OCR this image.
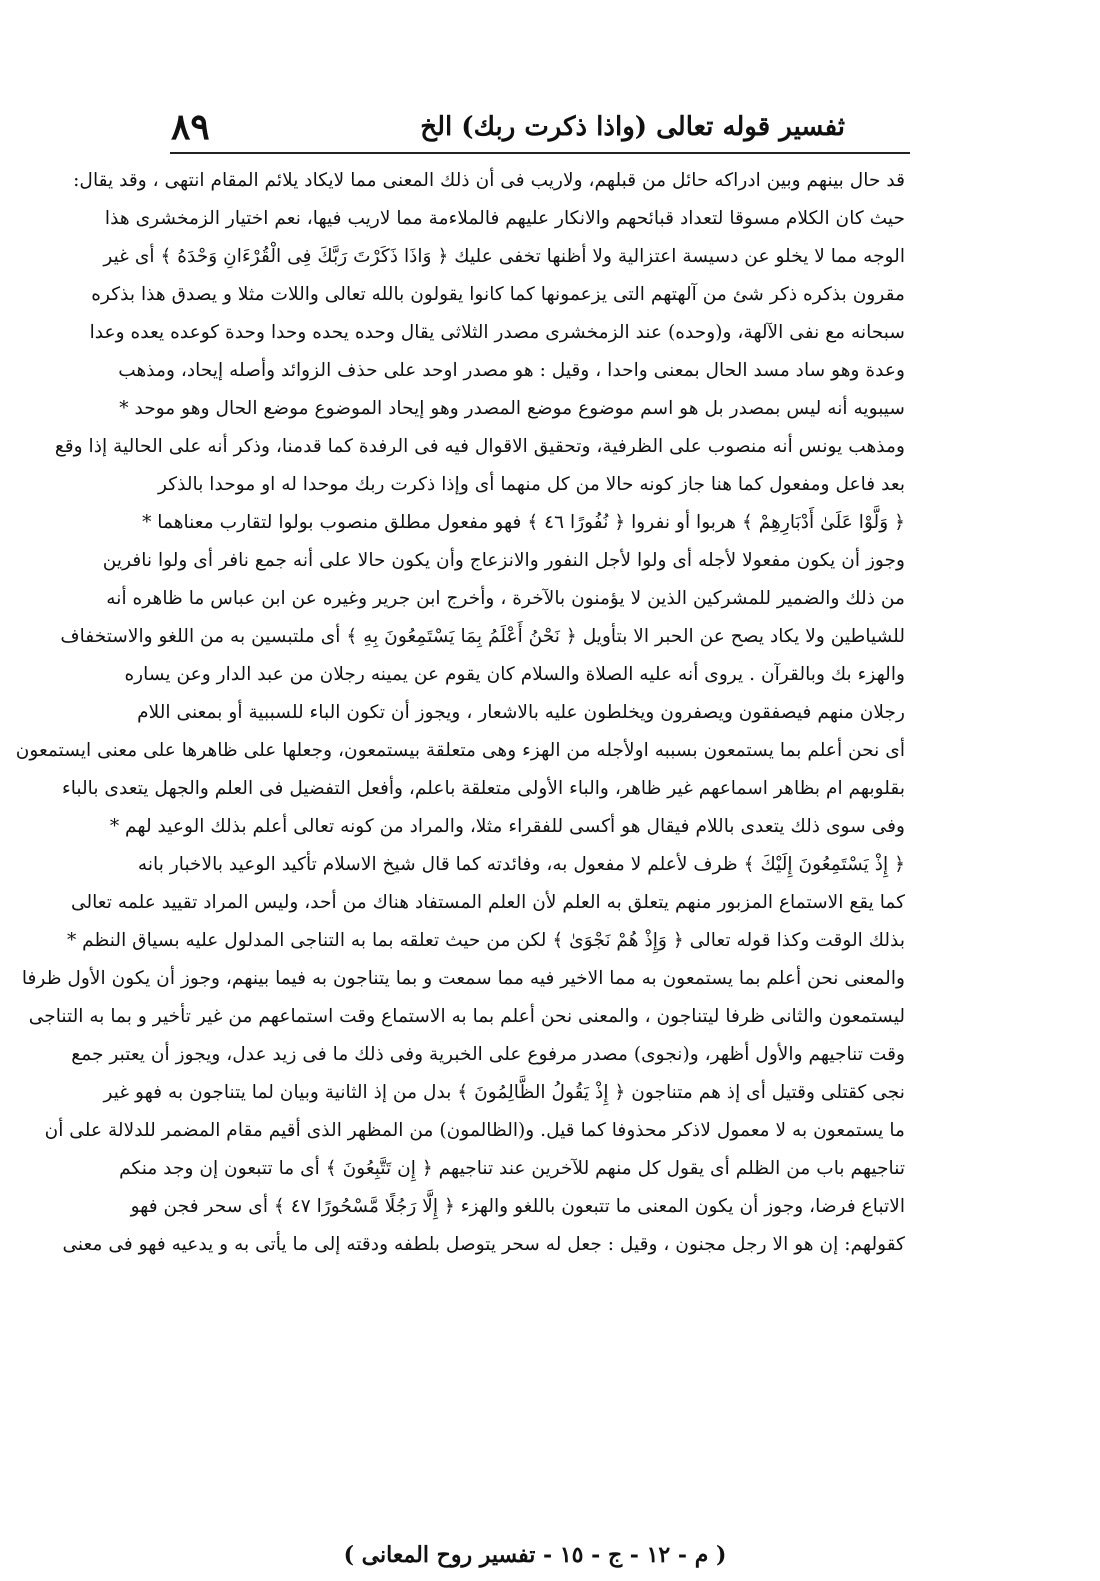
ثفسير قوله تعالى (واذا ذكرت ربك) الخ
٨٩
قد حال بينهم وبين ادراكه حائل من قبلهم، ولاريب فى أن ذلك المعنى مما لايكاد يلائم المقام انتهى ، وقد يقال:
حيث كان الكلام مسوقا لتعداد قبائحهم والانكار عليهم فالملاءمة مما لاريب فيها، نعم اختيار الزمخشرى هذا
الوجه مما لا يخلو عن دسيسة اعتزالية ولا أظنها تخفى عليك ﴿ وَاذَا ذَكَرْتَ رَبَّكَ فِى الْقُرْءَانِ وَحْدَهُ ﴾ أى غير
مقرون بذكره ذكر شئ من آلهتهم التى يزعمونها كما كانوا يقولون بالله تعالى واللات مثلا و يصدق هذا بذكره
سبحانه مع نفى الآلهة، و(وحده) عند الزمخشرى مصدر الثلاثى يقال وحده يحده وحدا وحدة كوعده يعده وعدا
وعدة وهو ساد مسد الحال بمعنى واحدا ، وقيل : هو مصدر اوحد على حذف الزوائد وأصله إيحاد، ومذهب
سيبويه أنه ليس بمصدر بل هو اسم موضوع موضع المصدر وهو إيحاد الموضوع موضع الحال وهو موحد *
ومذهب يونس أنه منصوب على الظرفية، وتحقيق الاقوال فيه فى الرفدة كما قدمنا، وذكر أنه على الحالية إذا وقع
بعد فاعل ومفعول كما هنا جاز كونه حالا من كل منهما أى وإذا ذكرت ربك موحدا له او موحدا بالذكر
﴿ وَلَّوْا عَلَىٰ أَدْبَارِهِمْ ﴾ هربوا أو نفروا ﴿ نُفُورًا ٤٦ ﴾ فهو مفعول مطلق منصوب بولوا لتقارب معناهما *
وجوز أن يكون مفعولا لأجله أى ولوا لأجل النفور والانزعاج وأن يكون حالا على أنه جمع نافر أى ولوا نافرين
من ذلك والضمير للمشركين الذين لا يؤمنون بالآخرة ، وأخرج ابن جرير وغيره عن ابن عباس ما ظاهره أنه
للشياطين ولا يكاد يصح عن الحبر الا بتأويل ﴿ نَحْنُ أَعْلَمُ بِمَا يَسْتَمِعُونَ بِهِ ﴾ أى ملتبسين به من اللغو والاستخفاف
والهزء بك وبالقرآن . يروى أنه عليه الصلاة والسلام كان يقوم عن يمينه رجلان من عبد الدار وعن يساره
رجلان منهم فيصفقون ويصفرون ويخلطون عليه بالاشعار ، ويجوز أن تكون الباء للسببية أو بمعنى اللام
أى نحن أعلم بما يستمعون بسببه اولأجله من الهزء وهى متعلقة بيستمعون، وجعلها على ظاهرها على معنى ايستمعون
بقلوبهم ام بظاهر اسماعهم غير ظاهر، والباء الأولى متعلقة باعلم، وأفعل التفضيل فى العلم والجهل يتعدى بالباء
وفى سوى ذلك يتعدى باللام فيقال هو أكسى للفقراء مثلا، والمراد من كونه تعالى أعلم بذلك الوعيد لهم *
﴿ إِذْ يَسْتَمِعُونَ إِلَيْكَ ﴾ ظرف لأعلم لا مفعول به، وفائدته كما قال شيخ الاسلام تأكيد الوعيد بالاخبار بانه
كما يقع الاستماع المزبور منهم يتعلق به العلم لأن العلم المستفاد هناك من أحد، وليس المراد تقييد علمه تعالى
بذلك الوقت وكذا قوله تعالى ﴿ وَإِذْ هُمْ نَجْوَىٰ ﴾ لكن من حيث تعلقه بما به التناجى المدلول عليه بسياق النظم *
والمعنى نحن أعلم بما يستمعون به مما الاخير فيه مما سمعت و بما يتناجون به فيما بينهم، وجوز أن يكون الأول ظرفا
ليستمعون والثانى ظرفا ليتناجون ، والمعنى نحن أعلم بما به الاستماع وقت استماعهم من غير تأخير و بما به التناجى
وقت تناجيهم والأول أظهر، و(نجوى) مصدر مرفوع على الخبرية وفى ذلك ما فى زيد عدل، ويجوز أن يعتبر جمع
نجى كقتلى وقتيل أى إذ هم متناجون ﴿ إِذْ يَقُولُ الظَّالِمُونَ ﴾ بدل من إذ الثانية وبيان لما يتناجون به فهو غير
ما يستمعون به لا معمول لاذكر محذوفا كما قيل. و(الظالمون) من المظهر الذى أقيم مقام المضمر للدلالة على أن
تناجيهم باب من الظلم أى يقول كل منهم للآخرين عند تناجيهم ﴿ إِن تَتَّبِعُونَ ﴾ أى ما تتبعون إن وجد منكم
الاتباع فرضا، وجوز أن يكون المعنى ما تتبعون باللغو والهزء ﴿ إِلَّا رَجُلًا مَّسْحُورًا ٤٧ ﴾ أى سحر فجن فهو
كقولهم: إن هو الا رجل مجنون ، وقيل : جعل له سحر يتوصل بلطفه ودقته إلى ما يأتى به و يدعيه فهو فى معنى
( م - ١٢ - ج - ١٥ - تفسير روح المعانى )
